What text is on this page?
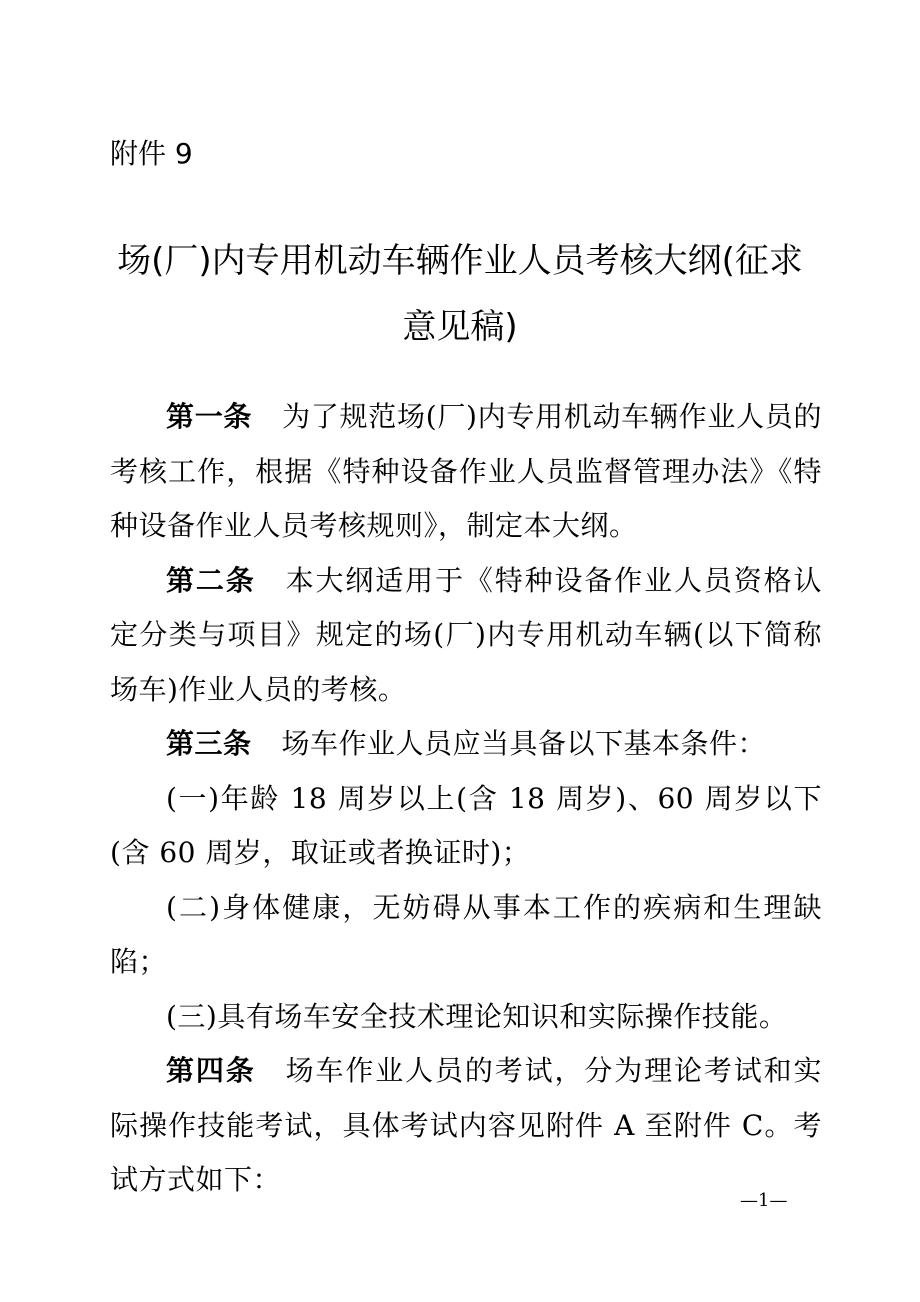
附件 9

场(厂)内专用机动车辆作业人员考核大纲(征求意见稿)

第一条 为了规范场(厂)内专用机动车辆作业人员的考核工作，根据《特种设备作业人员监督管理办法》《特种设备作业人员考核规则》，制定本大纲。

第二条 本大纲适用于《特种设备作业人员资格认定分类与项目》规定的场(厂)内专用机动车辆(以下简称场车)作业人员的考核。

第三条 场车作业人员应当具备以下基本条件：

(一)年龄 18 周岁以上(含 18 周岁)、60 周岁以下(含 60 周岁，取证或者换证时)；

(二)身体健康，无妨碍从事本工作的疾病和生理缺陷；

(三)具有场车安全技术理论知识和实际操作技能。

第四条 场车作业人员的考试，分为理论考试和实际操作技能考试，具体考试内容见附件 A 至附件 C。考试方式如下：

—1—
